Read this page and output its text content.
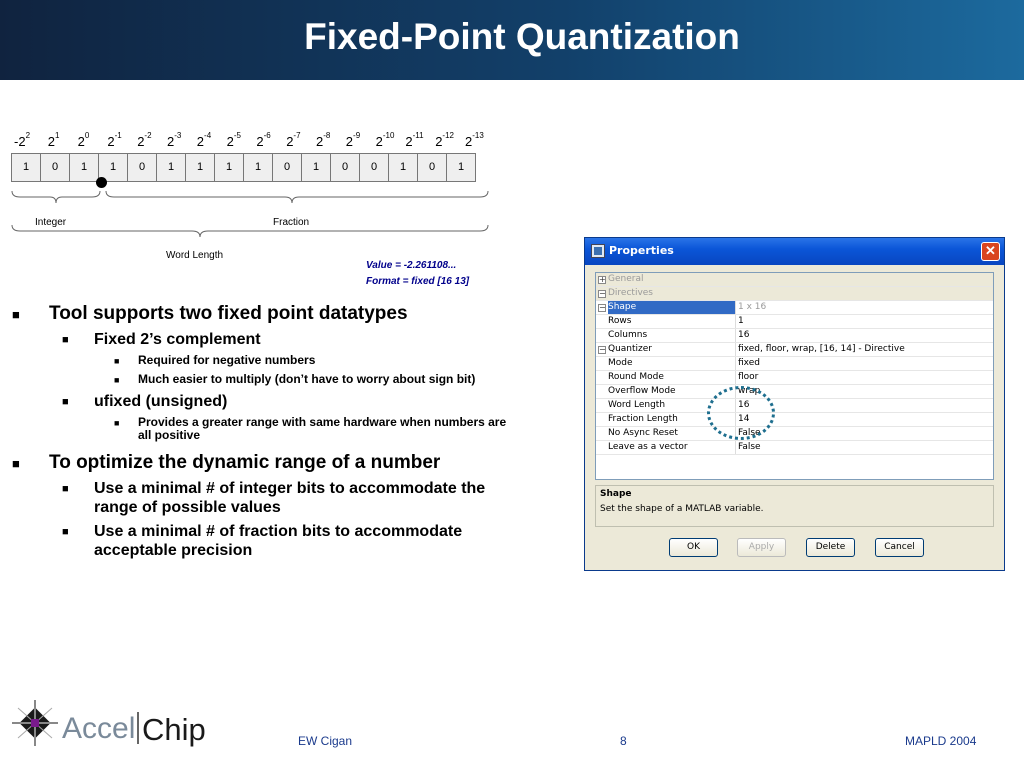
Fixed-Point Quantization
$-2^2$ $2^1$ $2^0$ $2^{-1}$ $2^{-2}$ $2^{-3}$ $2^{-4}$ $2^{-5}$ $2^{-6}$ $2^{-7}$ $2^{-8}$ $2^{-9}$ $2^{-10}$ $2^{-11}$ $2^{-12}$ $2^{-13}$
1	0	1	1	0	1	1	1	1	0	1	0	0	1	0	1
Integer	Fraction
Word Length
Value = -2.261108...
Format = fixed [16 13]
■ Tool supports two fixed point datatypes
■ Fixed 2’s complement
■ Required for negative numbers
■ Much easier to multiply (don’t have to worry about sign bit)
■ ufixed (unsigned)
■ Provides a greater range with same hardware when numbers are all positive
■ To optimize the dynamic range of a number
■ Use a minimal # of integer bits to accommodate the range of possible values
■ Use a minimal # of fraction bits to accommodate acceptable precision
Properties	✕
+ General
− Directives
− Shape	1 x 16
Rows	1
Columns	16
− Quantizer	fixed, floor, wrap, [16, 14] - Directive
Mode	fixed
Round Mode	floor
Overflow Mode	wrap
Word Length	16
Fraction Length	14
No Async Reset	False
Leave as a vector	False
Shape
Set the shape of a MATLAB variable.
OK	Apply	Delete	Cancel
Accel Chip	EW Cigan	8	MAPLD 2004
